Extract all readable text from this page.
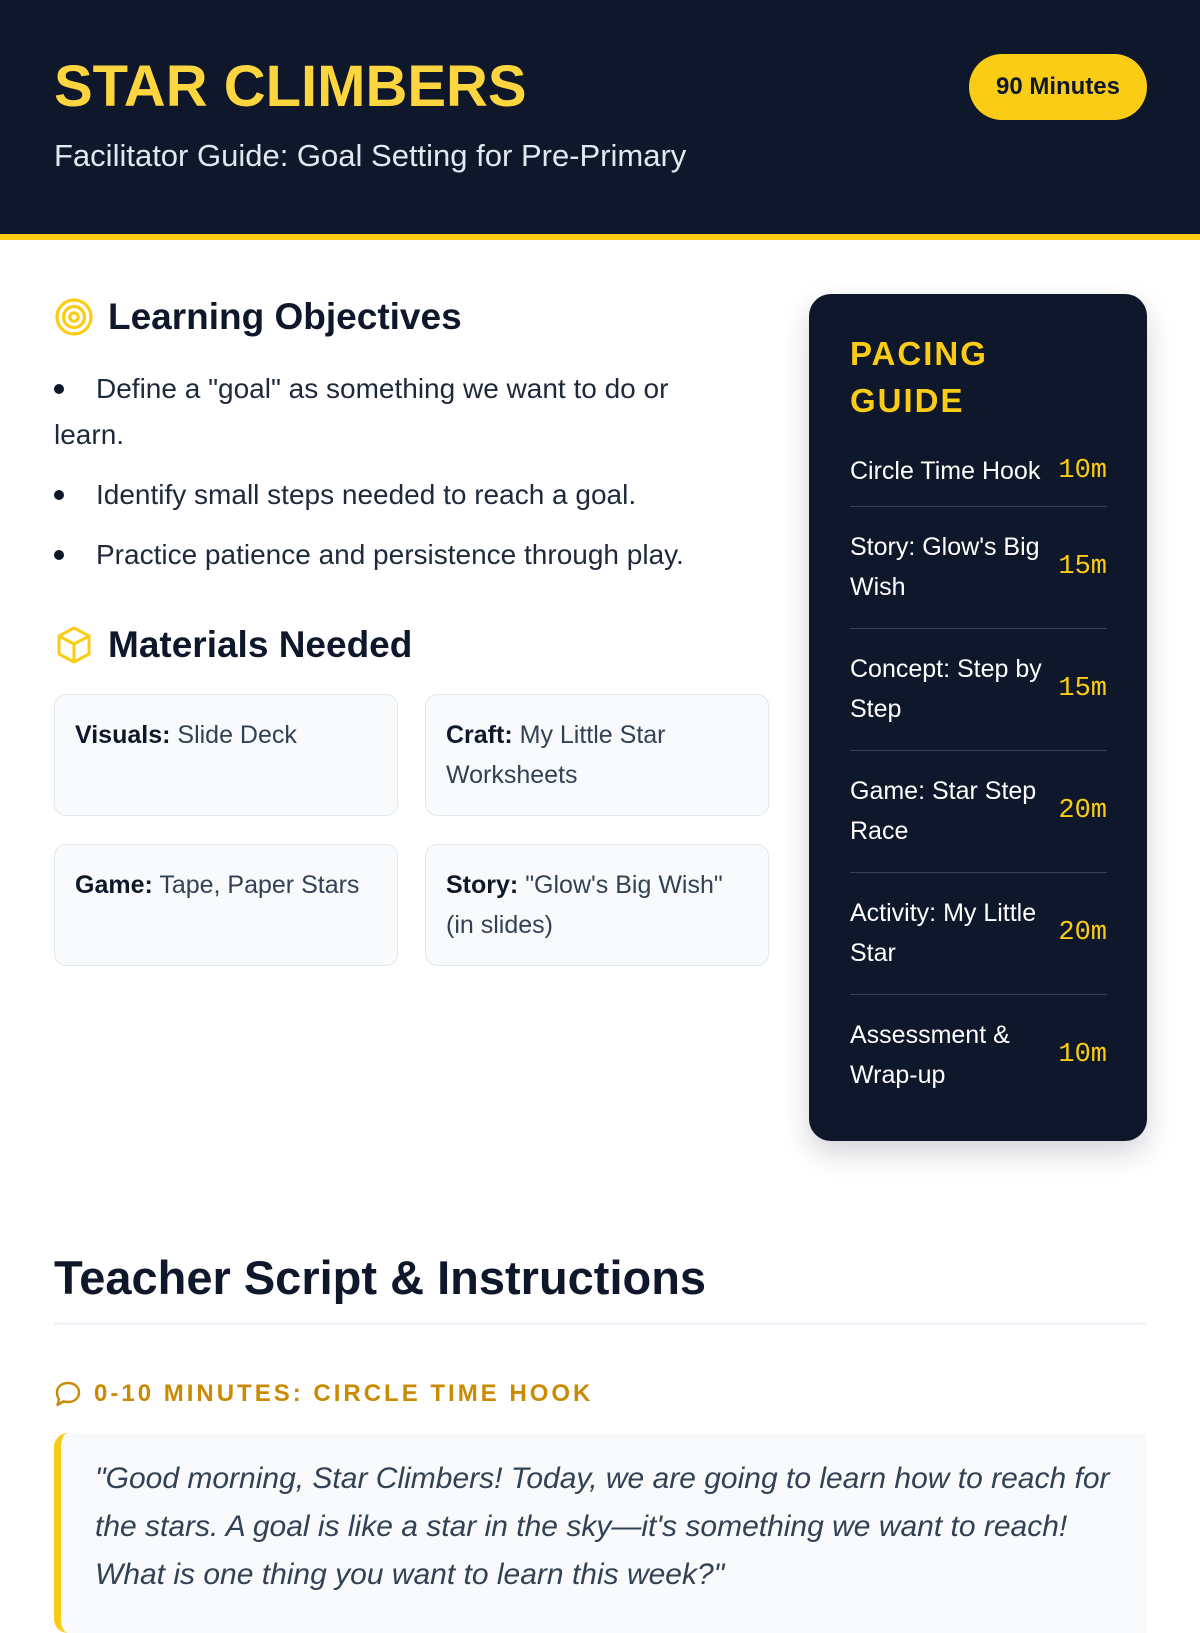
STAR CLIMBERS

Facilitator Guide: Goal Setting for Pre-Primary

90 Minutes
Learning Objectives
Define a "goal" as something we want to do or learn.
Identify small steps needed to reach a goal.
Practice patience and persistence through play.
Materials Needed
Visuals: Slide Deck	Craft: My Little Star Worksheets
Game: Tape, Paper Stars	Story: "Glow's Big Wish" (in slides)
PACING GUIDE
Circle Time Hook 10m
Story: Glow's Big Wish
15m
Concept: Step by Step
15m
Game: Star Step Race
20m
Activity: My Little Star
20m
Assessment & Wrap-up
10m
Teacher Script & Instructions
0-10 MINUTES: CIRCLE TIME HOOK
"Good morning, Star Climbers! Today, we are going to learn how to reach for the stars. A goal is like a star in the sky—it's something we want to reach! What is one thing you want to learn this week?"
